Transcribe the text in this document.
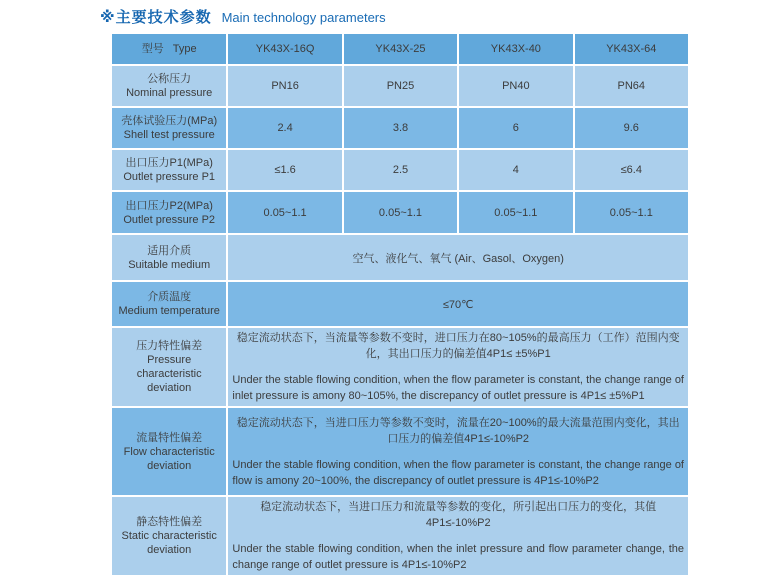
※主要技术参数 Main technology parameters
型号 Type	YK43X-16Q	YK43X-25	YK43X-40	YK43X-64

公称压力
Nominal pressure	PN16	PN25	PN40	PN64

壳体试验压力(MPa)
Shell test pressure	2.4	3.8	6	9.6

出口压力P1(MPa)
Outlet pressure P1	≤1.6	2.5	4	≤6.4

出口压力P2(MPa)
Outlet pressure P2	0.05~1.1	0.05~1.1	0.05~1.1	0.05~1.1

适用介质
Suitable medium	空气、液化气、氧气 (Air、Gasol、Oxygen)			

介质温度
Medium temperature	≤70℃			

压力特性偏差
Pressure characteristic deviation

稳定流动状态下，当流量等参数不变时，进口压力在80~105%的最高压力（工作）范围内变化，其出口压力的偏差值4P1≤ ±5%P1

Under the stable flowing condition, when the flow parameter is constant, the change range of inlet pressure is amony 80~105%, the discrepancy of outlet pressure is 4P1≤ ±5%P1

流量特性偏差
Flow characteristic deviation

稳定流动状态下，当进口压力等参数不变时，流量在20~100%的最大流量范围内变化，其出口压力的偏差值4P1≤-10%P2

Under the stable flowing condition, when the flow parameter is constant, the change range of flow is amony 20~100%, the discrepancy of outlet pressure is 4P1≤-10%P2

静态特性偏差
Static characteristic deviation

稳定流动状态下，当进口压力和流量等参数的变化，所引起出口压力的变化，其值4P1≤-10%P2

Under the stable flowing condition, when the inlet pressure and flow parameter change, the change range of outlet pressure is 4P1≤-10%P2
